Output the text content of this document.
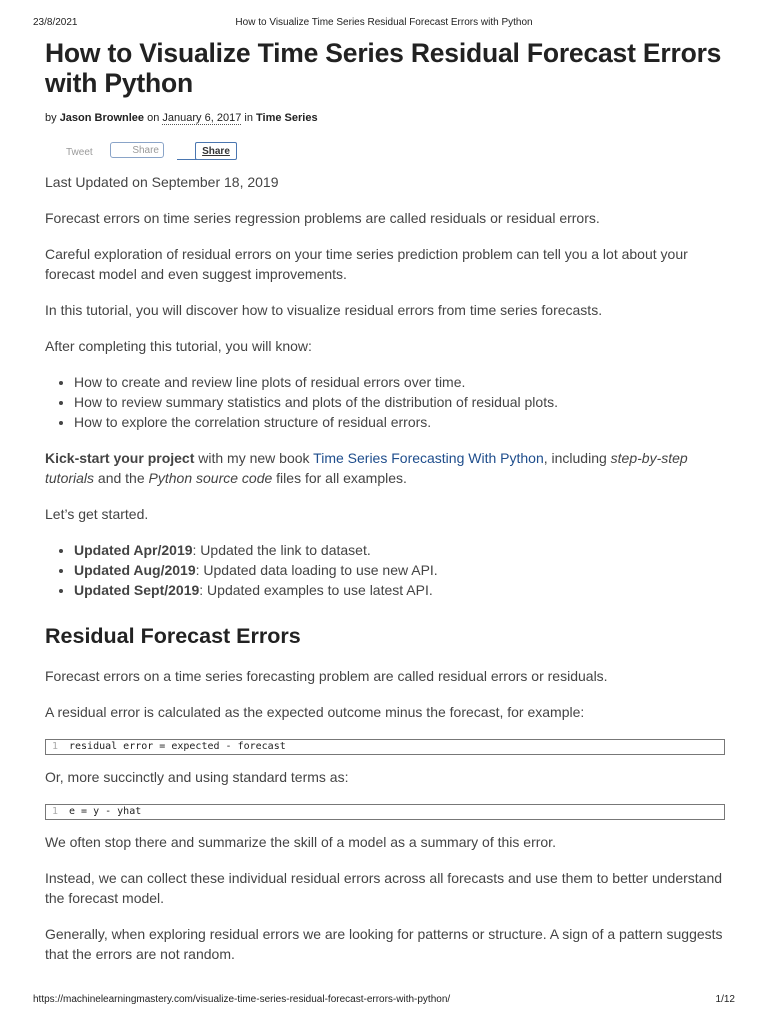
23/8/2021	How to Visualize Time Series Residual Forecast Errors with Python
How to Visualize Time Series Residual Forecast Errors with Python
by Jason Brownlee on January 6, 2017 in Time Series
Tweet	Share	Share

Last Updated on September 18, 2019

Forecast errors on time series regression problems are called residuals or residual errors.

Careful exploration of residual errors on your time series prediction problem can tell you a lot about your forecast model and even suggest improvements.

In this tutorial, you will discover how to visualize residual errors from time series forecasts.

After completing this tutorial, you will know:

• How to create and review line plots of residual errors over time.
• How to review summary statistics and plots of the distribution of residual plots.
• How to explore the correlation structure of residual errors.

Kick-start your project with my new book Time Series Forecasting With Python, including step-by-step tutorials and the Python source code files for all examples.

Let’s get started.

• Updated Apr/2019: Updated the link to dataset.
• Updated Aug/2019: Updated data loading to use new API.
• Updated Sept/2019: Updated examples to use latest API.
Residual Forecast Errors

Forecast errors on a time series forecasting problem are called residual errors or residuals.

A residual error is calculated as the expected outcome minus the forecast, for example:

1 residual error = expected - forecast

Or, more succinctly and using standard terms as:

1 e = y - yhat

We often stop there and summarize the skill of a model as a summary of this error.

Instead, we can collect these individual residual errors across all forecasts and use them to better understand the forecast model.

Generally, when exploring residual errors we are looking for patterns or structure. A sign of a pattern suggests that the errors are not random.

https://machinelearningmastery.com/visualize-time-series-residual-forecast-errors-with-python/	1/12
